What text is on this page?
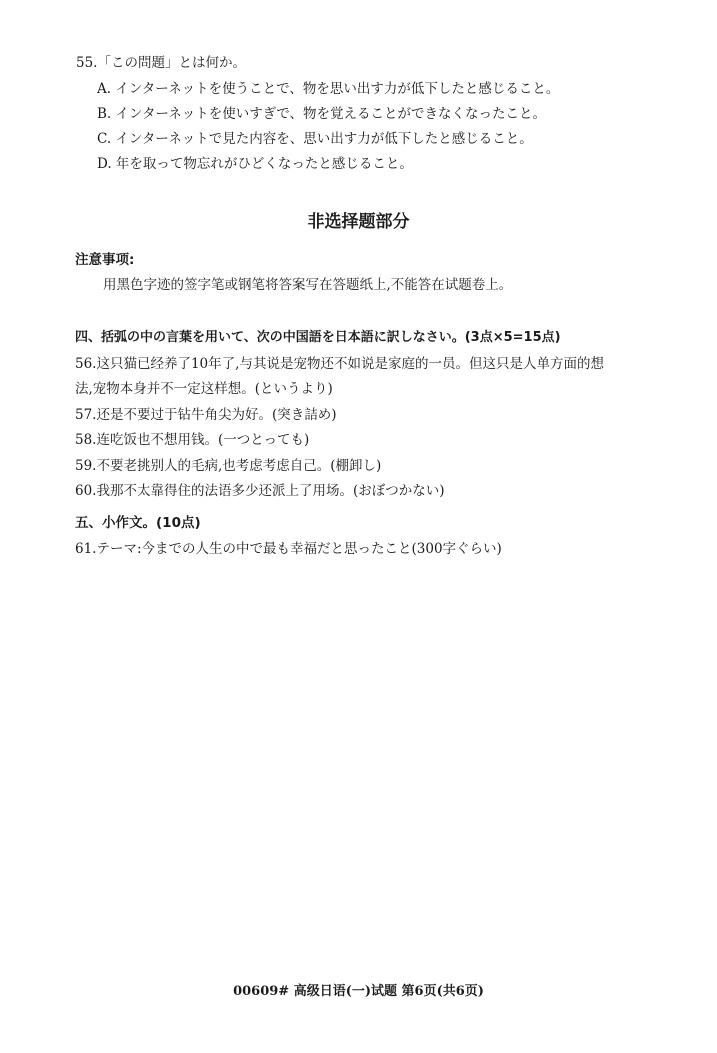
55.「この問題」とは何か。
A. インターネットを使うことで、物を思い出す力が低下したと感じること。
B. インターネットを使いすぎで、物を覚えることができなくなったこと。
C. インターネットで見た内容を、思い出す力が低下したと感じること。
D. 年を取って物忘れがひどくなったと感じること。
非选择题部分
注意事项:
用黑色字迹的签字笔或钢笔将答案写在答题纸上,不能答在试题卷上。
四、括弧の中の言葉を用いて、次の中国語を日本語に訳しなさい。(3点×5=15点)
56.这只猫已经养了10年了,与其说是宠物还不如说是家庭的一员。但这只是人单方面的想
法,宠物本身并不一定这样想。(というより)
57.还是不要过于钻牛角尖为好。(突き詰め)
58.连吃饭也不想用钱。(一つとっても)
59.不要老挑别人的毛病,也考虑考虑自己。(棚卸し)
60.我那不太靠得住的法语多少还派上了用场。(おぼつかない)
五、小作文。(10点)
61.テーマ:今までの人生の中で最も幸福だと思ったこと(300字ぐらい)
00609# 高级日语(一)试题 第6页(共6页)
